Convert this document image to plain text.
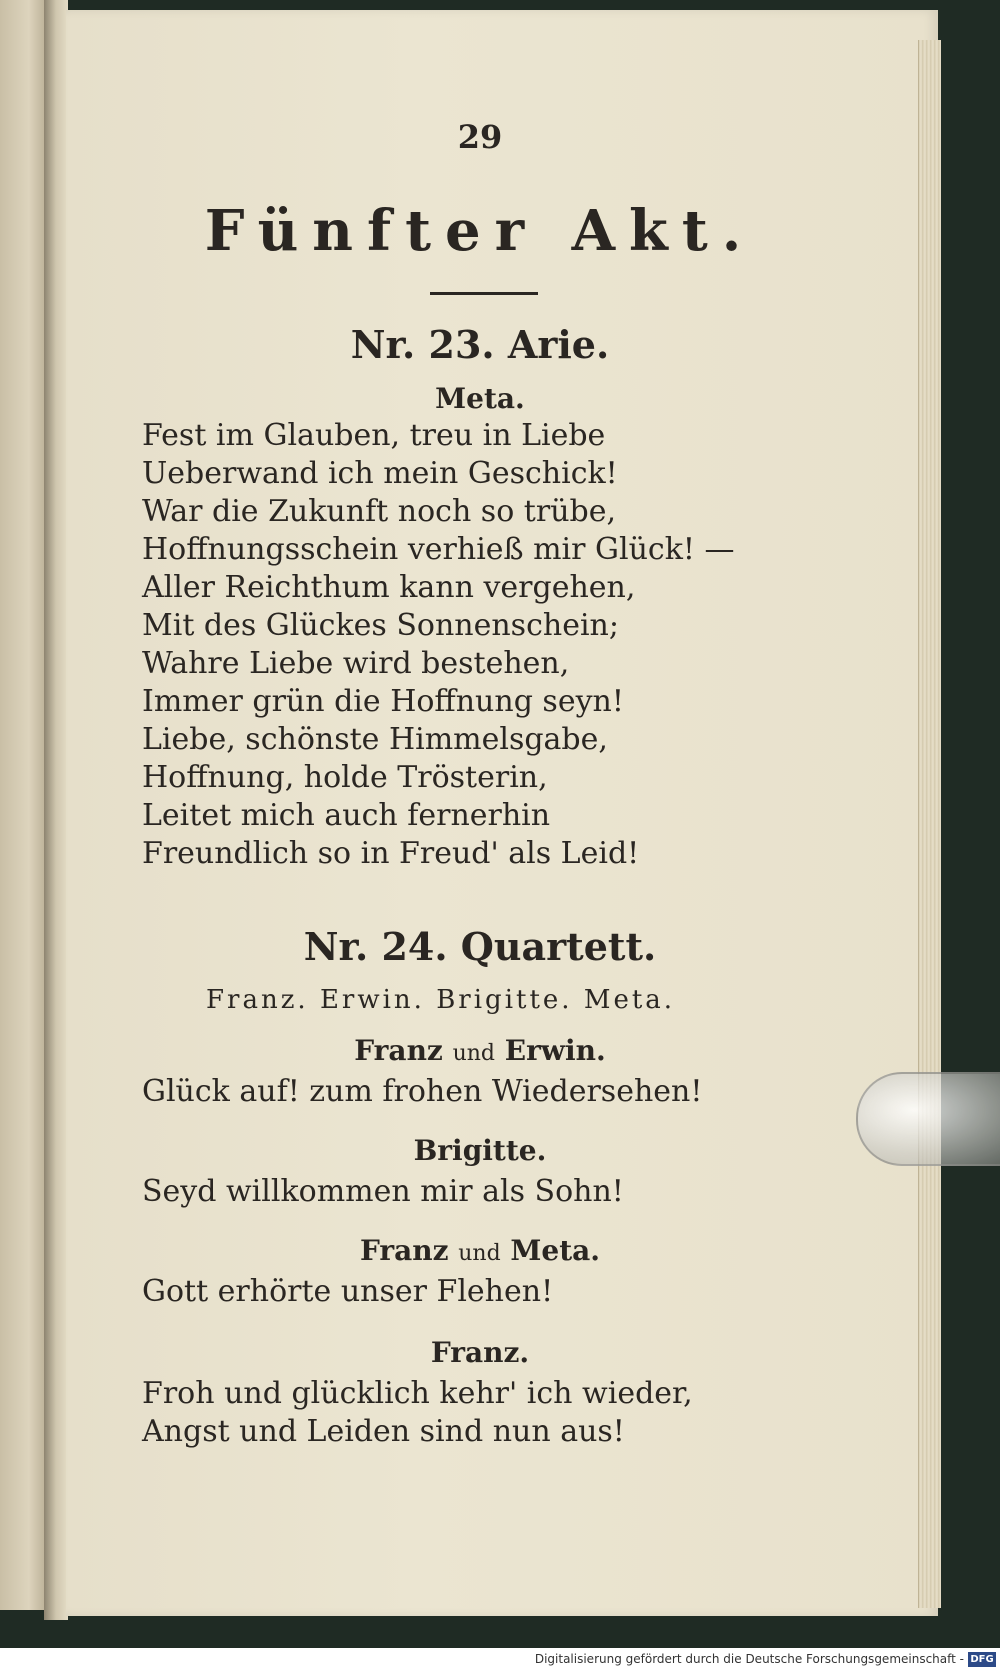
29
Fünfter Akt.
Nr. 23. Arie.
Meta.
Fest im Glauben, treu in Liebe
Ueberwand ich mein Geschick!
War die Zukunft noch so trübe,
Hoffnungsschein verhieß mir Glück! —
Aller Reichthum kann vergehen,
Mit des Glückes Sonnenschein;
Wahre Liebe wird bestehen,
Immer grün die Hoffnung seyn!
Liebe, schönste Himmelsgabe,
Hoffnung, holde Trösterin,
Leitet mich auch fernerhin
Freundlich so in Freud' als Leid!
Nr. 24. Quartett.
Franz. Erwin. Brigitte. Meta.
Franz und Erwin.
Glück auf! zum frohen Wiedersehen!
Brigitte.
Seyd willkommen mir als Sohn!
Franz und Meta.
Gott erhörte unser Flehen!
Franz.
Froh und glücklich kehr' ich wieder,
Angst und Leiden sind nun aus!
Digitalisierung gefördert durch die Deutsche Forschungsgemeinschaft - DFG
